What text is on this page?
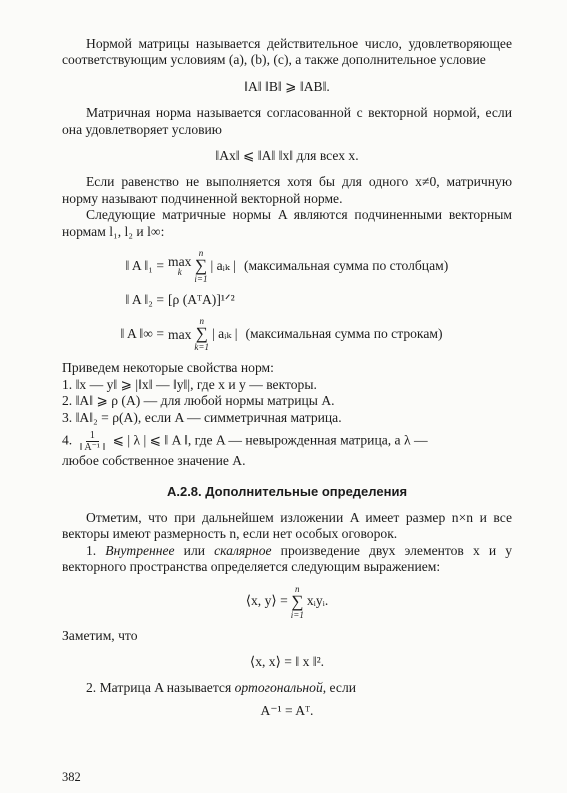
Нормой матрицы называется действительное число, удовлетворяющее соответствующим условиям (a), (b), (c), а также дополнительное условие

‖A‖ ‖B‖ ⩾ ‖AB‖.

Матричная норма называется согласованной с векторной нормой, если она удовлетворяет условию

‖Ax‖ ⩽ ‖A‖ ‖x‖ для всех x.

Если равенство не выполняется хотя бы для одного x≠0, матричную норму называют подчиненной векторной норме.

Следующие матричные нормы A являются подчиненными векторным нормам l₁, l₂ и l∞:

‖ A ‖₁ = max
k
n
∑
i=1
| aᵢₖ | (максимальная сумма по столбцам)
‖ A ‖₂ = [ρ (AᵀA)]¹ᐟ²
‖ A ‖∞ = max
n
∑
k=1
| aᵢₖ | (максимальная сумма по строкам)

Приведем некоторые свойства норм:

1. ‖x — y‖ ⩾ |‖x‖ — ‖y‖|, где x и y — векторы.

2. ‖A‖ ⩾ ρ (A) — для любой нормы матрицы A.

3. ‖A‖₂ = ρ(A), если A — симметричная матрица.

4. $\frac{1}{\text{‖ A⁻¹ ‖}}$ ⩽ | λ | ⩽ ‖ A ‖, где A — невырожденная матрица, а λ —

любое собственное значение A.

A.2.8. Дополнительные определения

Отметим, что при дальнейшем изложении A имеет размер n×n и все векторы имеют размерность n, если нет особых оговорок.

1. Внутреннее или скалярное произведение двух элементов x и y векторного пространства определяется следующим выражением:

⟨x, y⟩ =
n
∑
i=1
xᵢyᵢ.

Заметим, что

⟨x, x⟩ = ‖ x ‖².

2. Матрица A называется ортогональной, если

A⁻¹ = Aᵀ.
382
